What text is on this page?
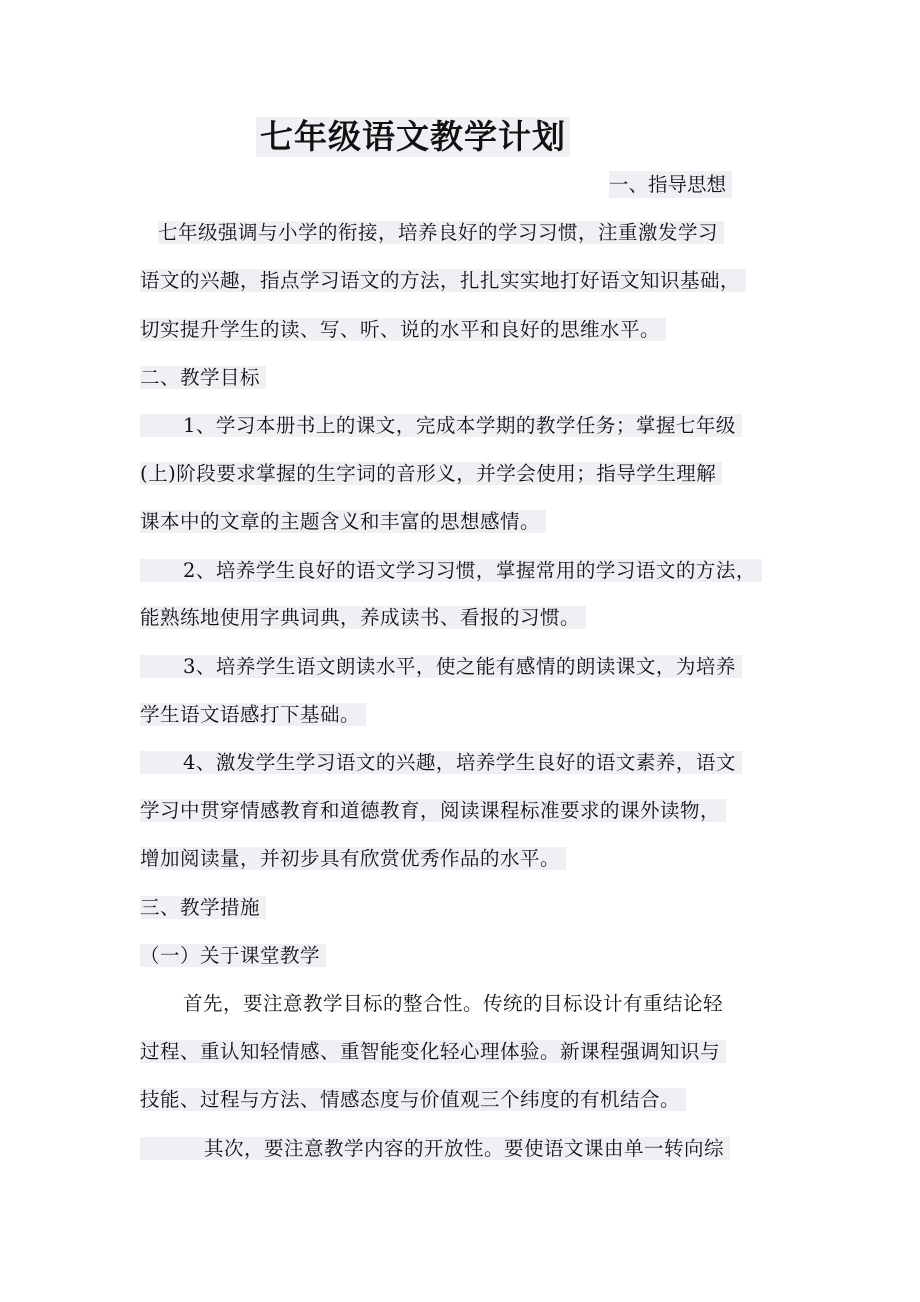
七年级语文教学计划
一、指导思想
七年级强调与小学的衔接，培养良好的学习习惯，注重激发学习
语文的兴趣，指点学习语文的方法，扎扎实实地打好语文知识基础，
切实提升学生的读、写、听、说的水平和良好的思维水平。
二、教学目标
1、学习本册书上的课文，完成本学期的教学任务；掌握七年级
(上)阶段要求掌握的生字词的音形义，并学会使用；指导学生理解
课本中的文章的主题含义和丰富的思想感情。
2、培养学生良好的语文学习习惯，掌握常用的学习语文的方法，
能熟练地使用字典词典，养成读书、看报的习惯。
3、培养学生语文朗读水平，使之能有感情的朗读课文，为培养
学生语文语感打下基础。
4、激发学生学习语文的兴趣，培养学生良好的语文素养，语文
学习中贯穿情感教育和道德教育，阅读课程标准要求的课外读物，
增加阅读量，并初步具有欣赏优秀作品的水平。
三、教学措施
（一）关于课堂教学
首先，要注意教学目标的整合性。传统的目标设计有重结论轻
过程、重认知轻情感、重智能变化轻心理体验。新课程强调知识与
技能、过程与方法、情感态度与价值观三个纬度的有机结合。
其次，要注意教学内容的开放性。要使语文课由单一转向综
